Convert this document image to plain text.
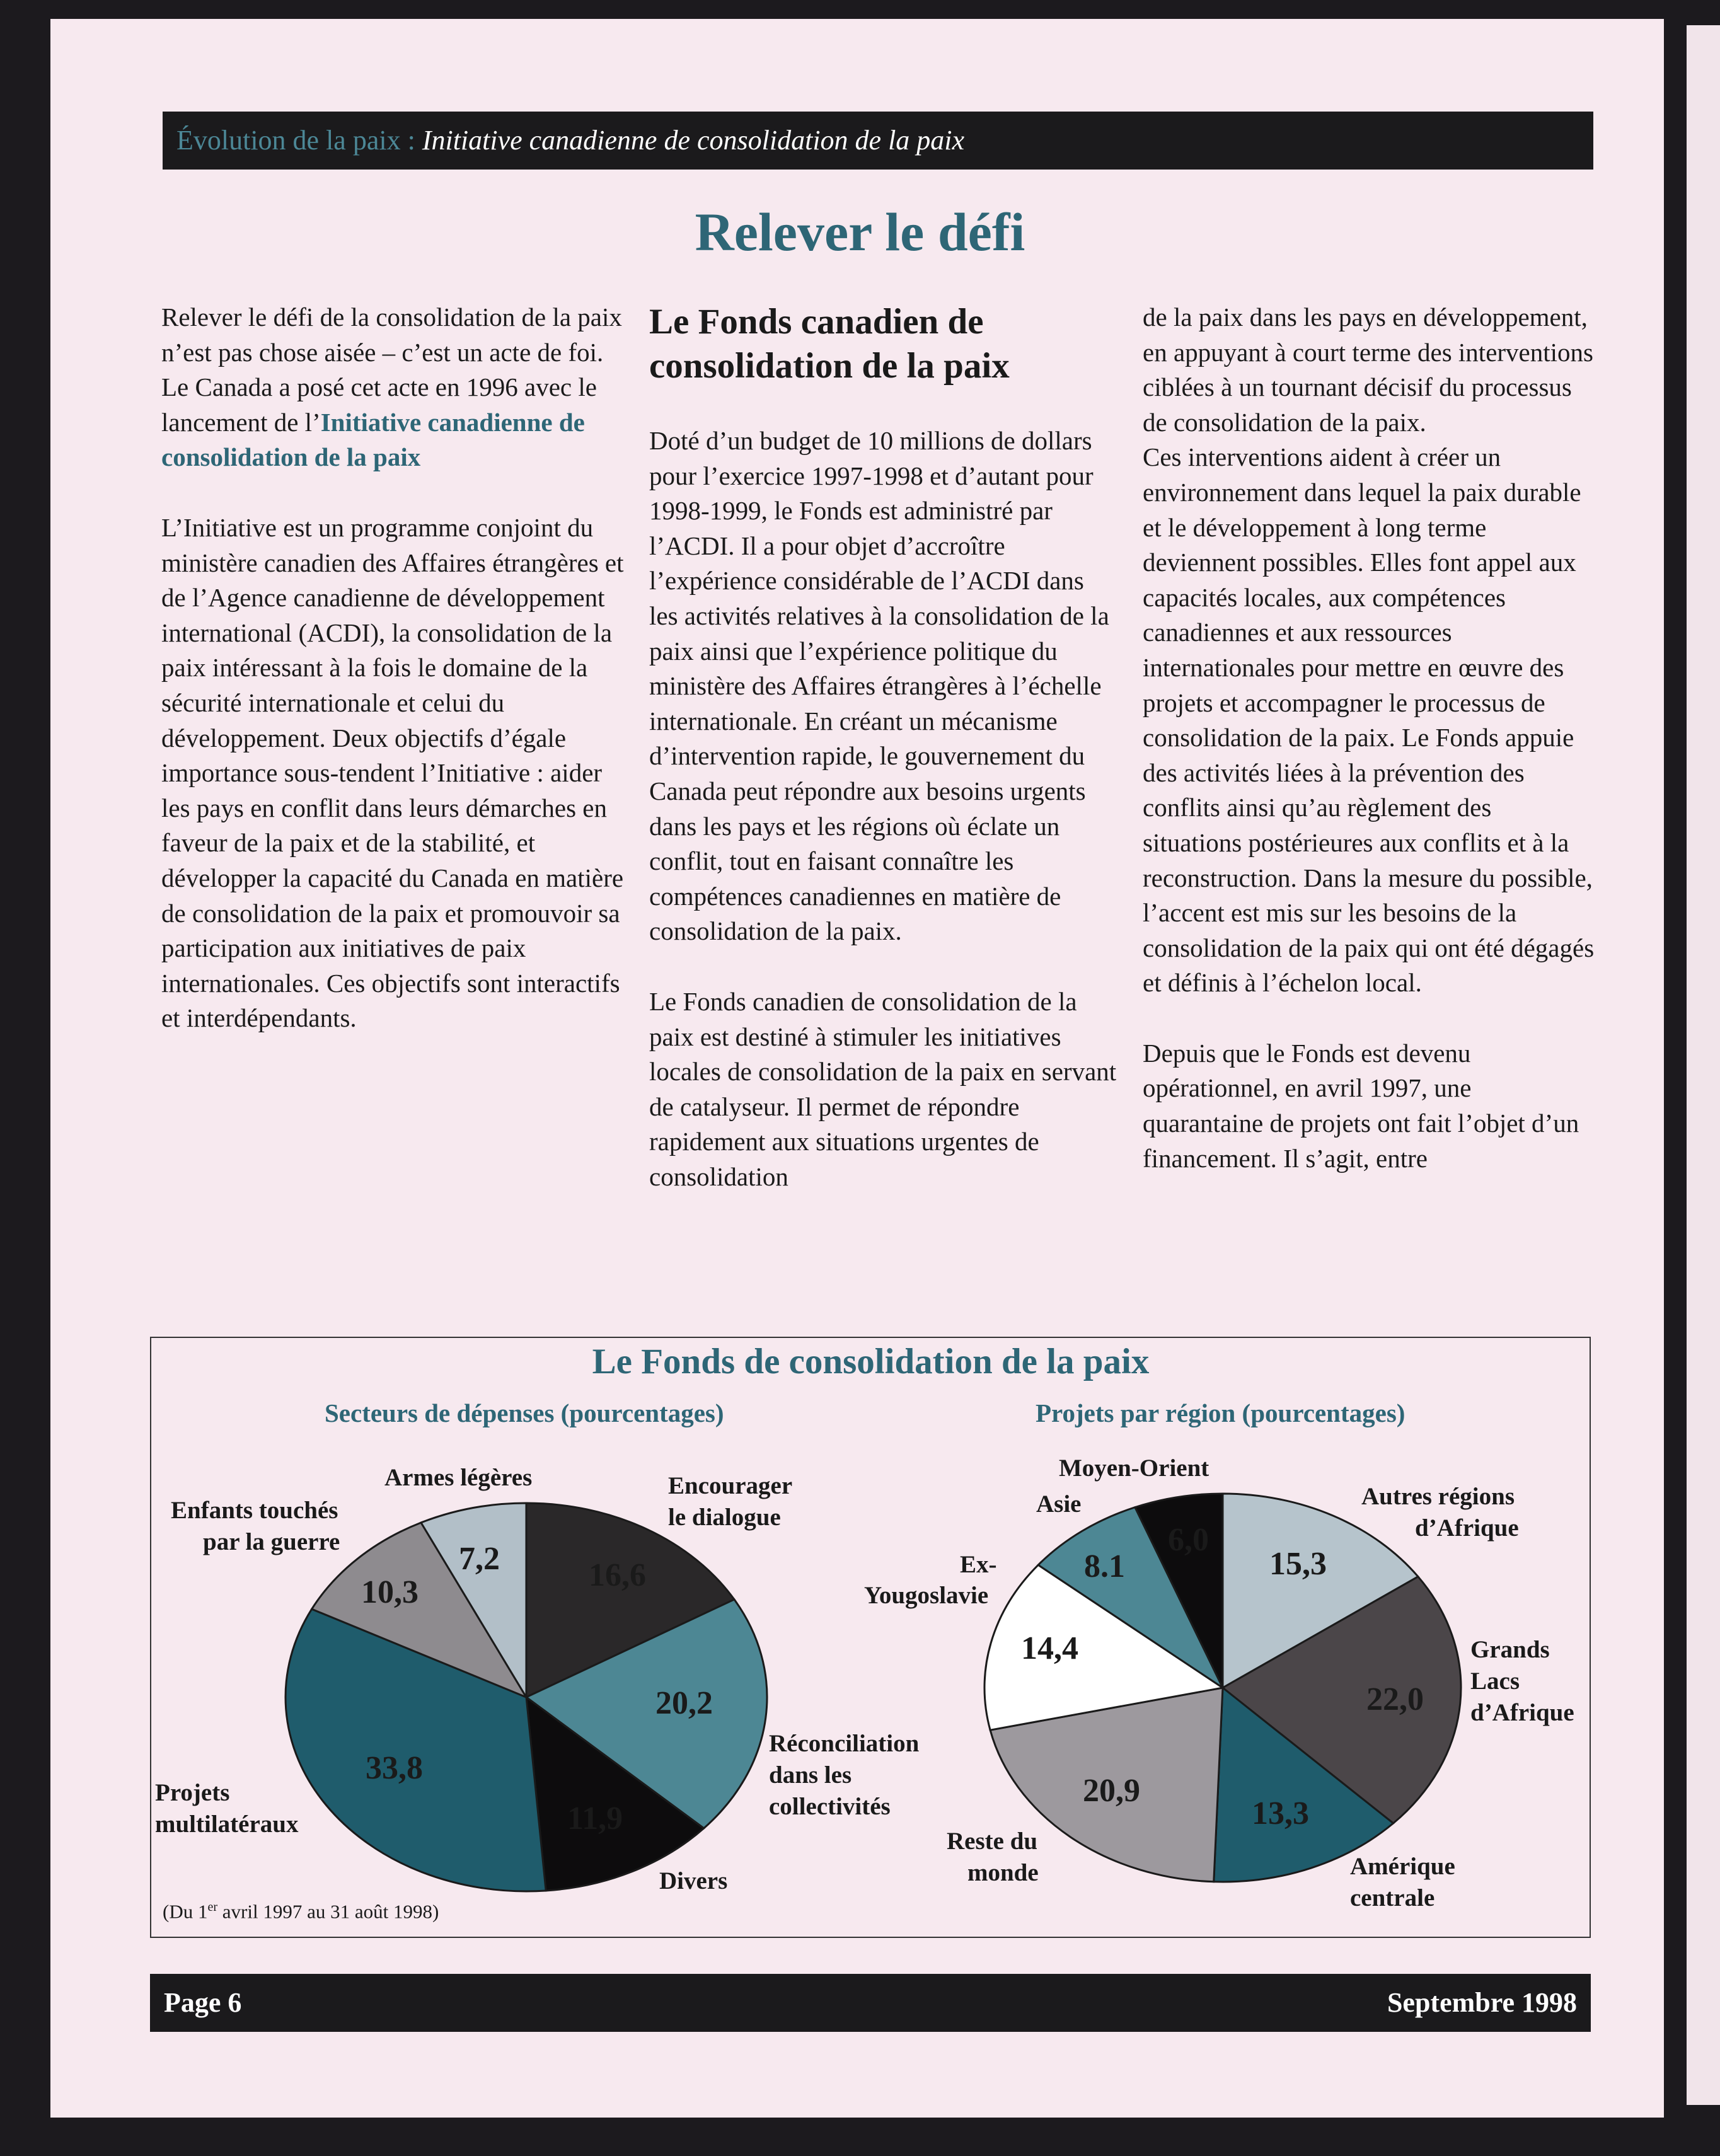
Évolution de la paix : Initiative canadienne de consolidation de la paix
Relever le défi

Relever le défi de la consolidation de la paix n’est pas chose aisée – c’est un acte de foi. Le Canada a posé cet acte en 1996 avec le lancement de l’Initiative canadienne de consolidation de la paix

L’Initiative est un programme conjoint du ministère canadien des Affaires étrangères et de l’Agence canadienne de développement international (ACDI), la consolidation de la paix intéressant à la fois le domaine de la sécurité internationale et celui du développement. Deux objectifs d’égale importance sous-tendent l’Initiative : aider les pays en conflit dans leurs démarches en faveur de la paix et de la stabilité, et développer la capacité du Canada en matière de consolidation de la paix et promouvoir sa participation aux initiatives de paix internationales. Ces objectifs sont interactifs et interdépendants.

Le Fonds canadien de consolidation de la paix

Doté d’un budget de 10 millions de dollars pour l’exercice 1997-1998 et d’autant pour 1998-1999, le Fonds est administré par l’ACDI. Il a pour objet d’accroître l’expérience considérable de l’ACDI dans les activités relatives à la consolidation de la paix ainsi que l’expérience politique du ministère des Affaires étrangères à l’échelle internationale. En créant un mécanisme d’intervention rapide, le gouvernement du Canada peut répondre aux besoins urgents dans les pays et les régions où éclate un conflit, tout en faisant connaître les compétences canadiennes en matière de consolidation de la paix.

Le Fonds canadien de consolidation de la paix est destiné à stimuler les initiatives locales de consolidation de la paix en servant de catalyseur. Il permet de répondre rapidement aux situations urgentes de consolidation

de la paix dans les pays en développement, en appuyant à court terme des interventions ciblées à un tournant décisif du processus de consolidation de la paix.

Ces interventions aident à créer un environnement dans lequel la paix durable et le développement à long terme deviennent possibles. Elles font appel aux capacités locales, aux compétences canadiennes et aux ressources internationales pour mettre en œuvre des projets et accompagner le processus de consolidation de la paix. Le Fonds appuie des activités liées à la prévention des conflits ainsi qu’au règlement des situations postérieures aux conflits et à la reconstruction. Dans la mesure du possible, l’accent est mis sur les besoins de la consolidation de la paix qui ont été dégagés et définis à l’échelon local.

Depuis que le Fonds est devenu opérationnel, en avril 1997, une quarantaine de projets ont fait l’objet d’un financement. Il s’agit, entre

Le Fonds de consolidation de la paix
Secteurs de dépenses (pourcentages)	Projets par région (pourcentages)
16,6
20,2
11,9
33,8
10,3
7,2
Armes légères
Enfants touchés
par la guerre
Encourager
le dialogue
Réconciliation
dans les
collectivités
Divers
Projets
multilatéraux
15,3
22,0
13,3
20,9
14,4
8.1
6,0
Moyen-Orient
Asie
Ex-
Yougoslavie
Autres régions
d’Afrique
Grands
Lacs
d’Afrique
Amérique
centrale
Reste du
monde
(Du 1er avril 1997 au 31 août 1998)
Page 6	Septembre 1998
